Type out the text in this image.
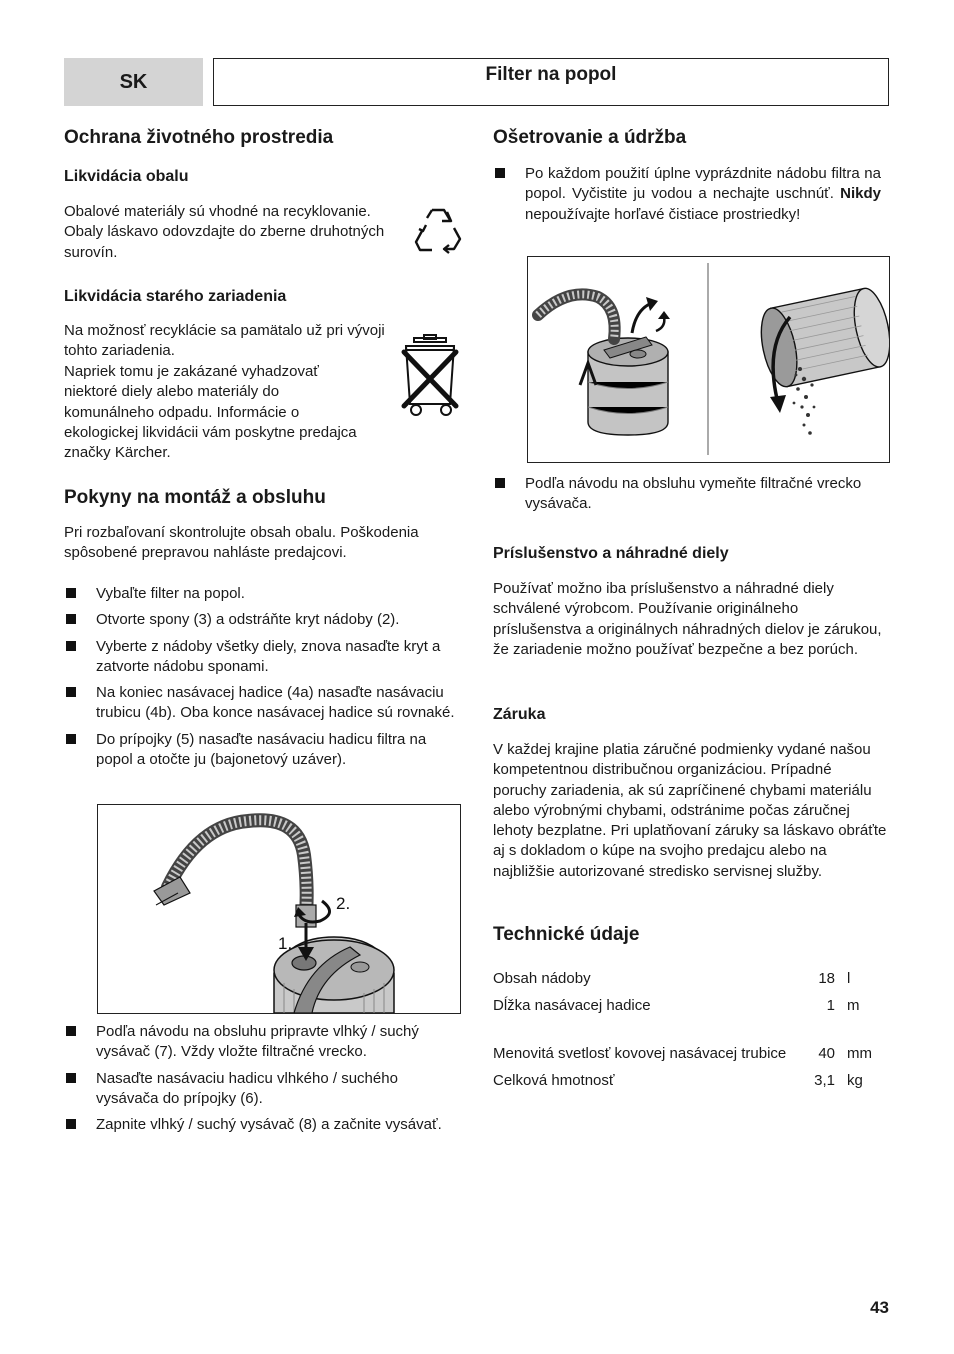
SK	Filter na popol
Ochrana životného prostredia
Likvidácia obalu

Obalové materiály sú vhodné na recyklovanie. Obaly láskavo odovzdajte do zberne druhotných surovín.

Likvidácia starého zariadenia

Na možnosť recyklácie sa pamätalo už pri vývoji tohto zariadenia.

Napriek tomu je zakázané vyhadzovať niektoré diely alebo materiály do komunálneho odpadu. Informácie o ekologickej likvidácii vám poskytne predajca značky Kärcher.

Pokyny na montáž a obsluhu

Pri rozbaľovaní skontrolujte obsah obalu. Poškodenia spôsobené prepravou nahláste predajcovi.

Vybaľte filter na popol.
Otvorte spony (3) a odstráňte kryt nádoby (2).
Vyberte z nádoby všetky diely, znova nasaďte kryt a zatvorte nádobu sponami.
Na koniec nasávacej hadice (4a) nasaďte nasávaciu trubicu (4b). Oba konce nasávacej hadice sú rovnaké.
Do prípojky (5) nasaďte nasávaciu hadicu filtra na popol a otočte ju (bajonetový uzáver).
2.
1.
Podľa návodu na obsluhu pripravte vlhký / suchý vysávač (7). Vždy vložte filtračné vrecko.
Nasaďte nasávaciu hadicu vlhkého / suchého vysávača do prípojky (6).
Zapnite vlhký / suchý vysávač (8) a začnite vysávať.
Ošetrovanie a údržba
Po každom použití úplne vyprázdnite nádobu filtra na popol. Vyčistite ju vodou a nechajte uschnúť. Nikdy nepoužívajte horľavé čistiace prostriedky!
Podľa návodu na obsluhu vymeňte filtračné vrecko vysávača.
Príslušenstvo a náhradné diely

Používať možno iba príslušenstvo a náhradné diely schválené výrobcom. Používanie originálneho príslušenstva a originálnych náhradných dielov je zárukou, že zariadenie možno používať bezpečne a bez porúch.

Záruka

V každej krajine platia záručné podmienky vydané našou kompetentnou distribučnou organizáciou. Prípadné poruchy zariadenia, ak sú zapríčinené chybami materiálu alebo výrobnými chybami, odstránime počas záručnej lehoty bezplatne. Pri uplatňovaní záruky sa láskavo obráťte aj s dokladom o kúpe na svojho predajcu alebo na najbližšie autorizované stredisko servisnej služby.

Technické údaje
Obsah nádoby	18	l
Dĺžka nasávacej hadice	1	m
Menovitá svetlosť kovovej nasávacej trubice	40	mm
Celková hmotnosť	3,1	kg
43
